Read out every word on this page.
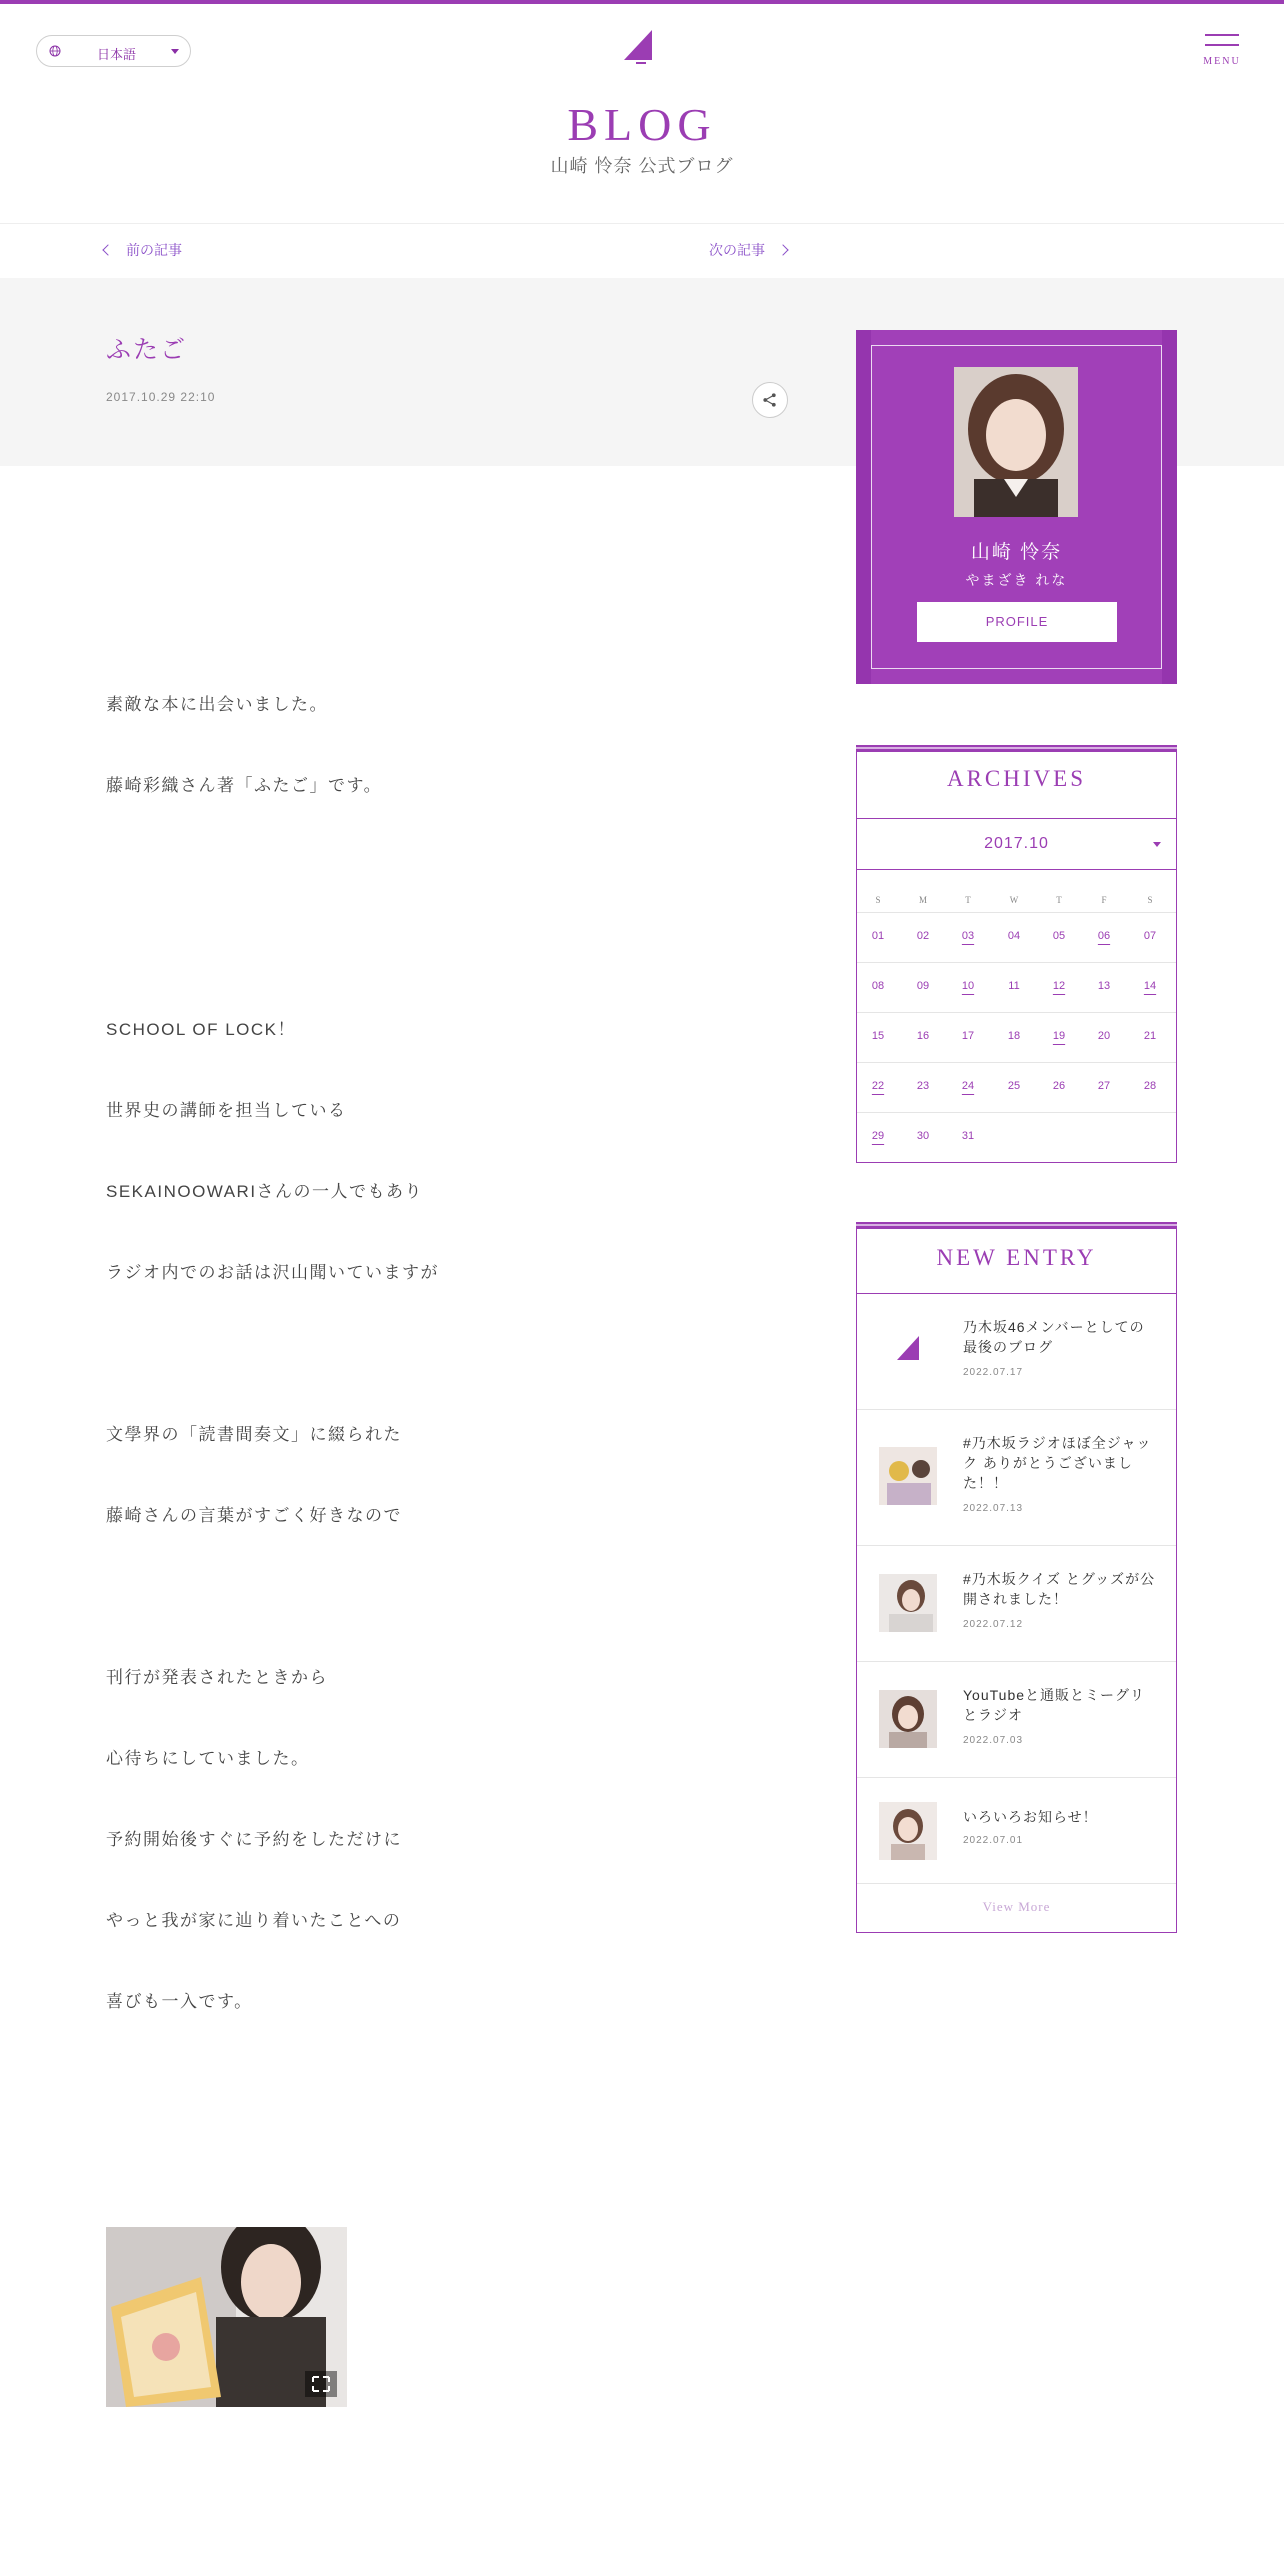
日本語	MENU
BLOG
山崎 怜奈 公式ブログ
前の記事	次の記事
ふたご
2017.10.29 22:10
素敵な本に出会いました。
藤崎彩織さん著「ふたご」です。
SCHOOL OF LOCK！
世界史の講師を担当している
SEKAINOOWARIさんの一人でもあり
ラジオ内でのお話は沢山聞いていますが
文學界の「読書間奏文」に綴られた
藤崎さんの言葉がすごく好きなので
刊行が発表されたときから
心待ちにしていました。
予約開始後すぐに予約をしただけに
やっと我が家に辿り着いたことへの
喜びも一入です。
山崎 怜奈
やまざき れな
PROFILE
ARCHIVES
2017.10
S	M	T	W	T	F	S
01	02	03	04	05	06	07
08	09	10	11	12	13	14
15	16	17	18	19	20	21
22	23	24	25	26	27	28
29	30	31
NEW ENTRY
乃木坂46メンバーとしての最後のブログ
2022.07.17
#乃木坂ラジオほぼ全ジャック ありがとうございました！！
2022.07.13
#乃木坂クイズ とグッズが公開されました！
2022.07.12
YouTubeと通販とミーグリとラジオ
2022.07.03
いろいろお知らせ！
2022.07.01
View More
